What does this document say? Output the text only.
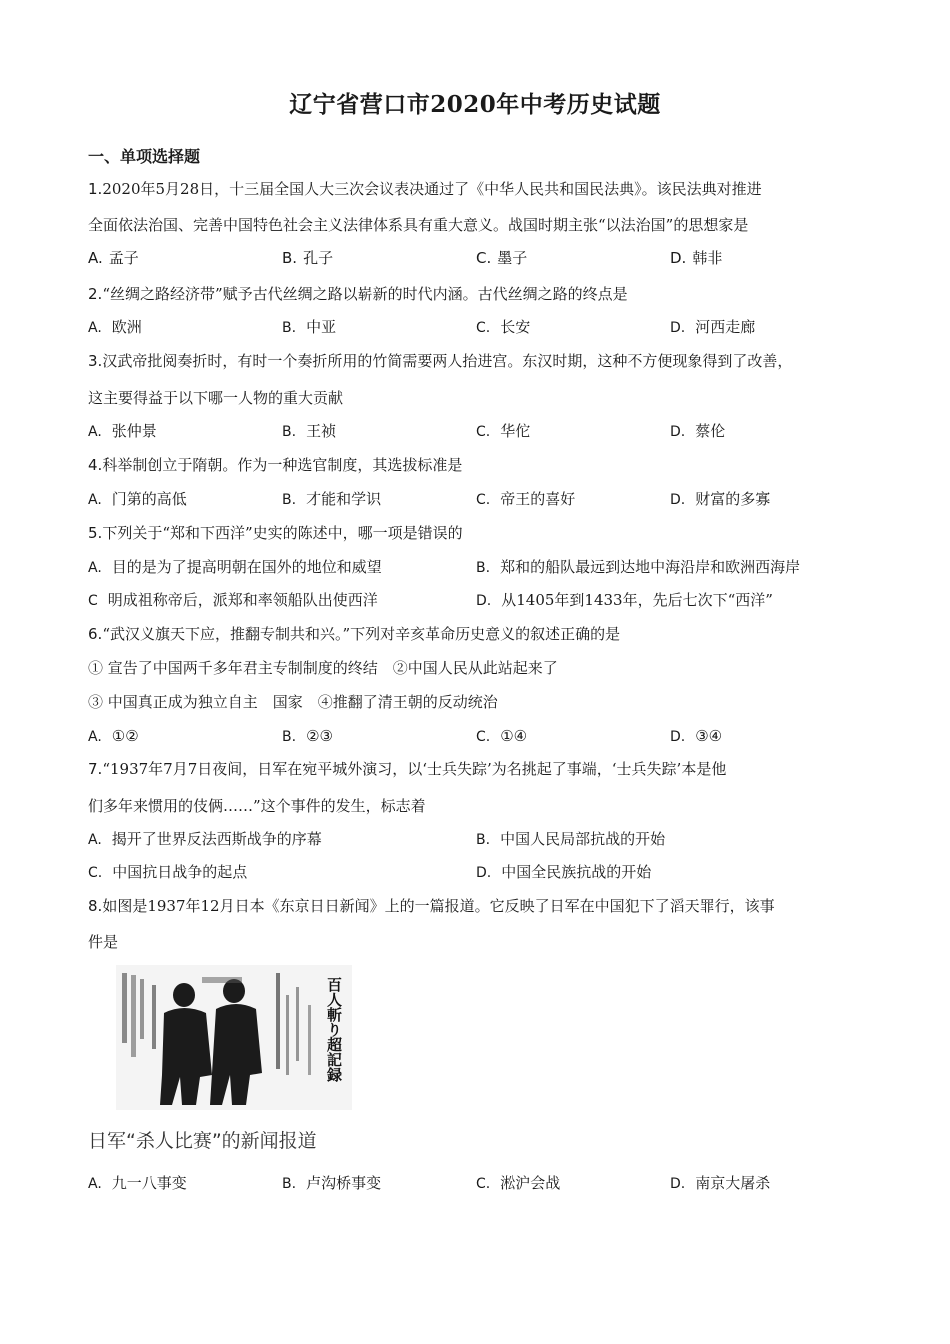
辽宁省营口市2020年中考历史试题
一、单项选择题
1.2020年5月28日，十三届全国人大三次会议表决通过了《中华人民共和国民法典》。该民法典对推进
全面依法治国、完善中国特色社会主义法律体系具有重大意义。战国时期主张“以法治国”的思想家是
A. 孟子	B. 孔子	C. 墨子	D. 韩非
2.“丝绸之路经济带”赋予古代丝绸之路以崭新的时代内涵。古代丝绸之路的终点是
A. 欧洲	B. 中亚	C. 长安	D. 河西走廊
3.汉武帝批阅奏折时，有时一个奏折所用的竹简需要两人抬进宫。东汉时期，这种不方便现象得到了改善，
这主要得益于以下哪一人物的重大贡献
A. 张仲景	B. 王祯	C. 华佗	D. 蔡伦
4.科举制创立于隋朝。作为一种选官制度，其选拔标准是
A. 门第的高低	B. 才能和学识	C. 帝王的喜好	D. 财富的多寡
5.下列关于“郑和下西洋”史实的陈述中，哪一项是错误的
A. 目的是为了提高明朝在国外的地位和威望	B. 郑和的船队最远到达地中海沿岸和欧洲西海岸
C 明成祖称帝后，派郑和率领船队出使西洋	D. 从1405年到1433年，先后七次下“西洋”
6.“武汉义旗天下应，推翻专制共和兴。”下列对辛亥革命历史意义的叙述正确的是
① 宣告了中国两千多年君主专制制度的终结　②中国人民从此站起来了
③ 中国真正成为独立自主　国家　④推翻了清王朝的反动统治
A. ①②	B. ②③	C. ①④	D. ③④
7.“1937年7月7日夜间，日军在宛平城外演习，以‘士兵失踪’为名挑起了事端，‘士兵失踪’本是他
们多年来惯用的伎俩……”这个事件的发生，标志着
A. 揭开了世界反法西斯战争的序幕	B. 中国人民局部抗战的开始
C. 中国抗日战争的起点	D. 中国全民族抗战的开始
8.如图是1937年12月日本《东京日日新闻》上的一篇报道。它反映了日军在中国犯下了滔天罪行，该事
件是
百人斬り超記録
日军“杀人比赛”的新闻报道
A. 九一八事变	B. 卢沟桥事变	C. 淞沪会战	D. 南京大屠杀
